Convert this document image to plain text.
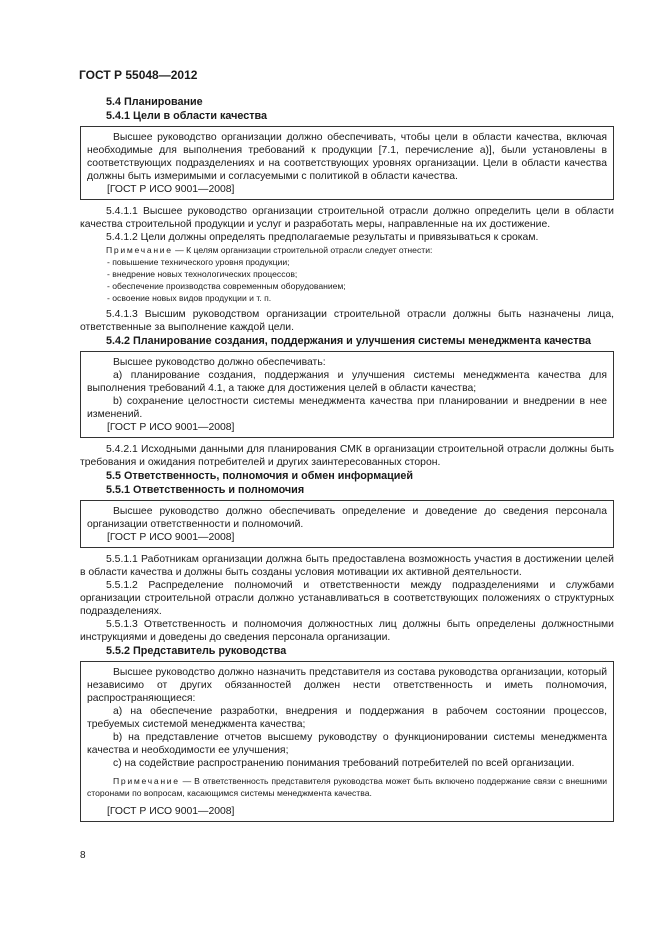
ГОСТ Р 55048—2012

5.4 Планирование

5.4.1 Цели в области качества

Высшее руководство организации должно обеспечивать, чтобы цели в области качества, включая необходимые для выполнения требований к продукции [7.1, перечисление а)], были установлены в соответствующих подразделениях и на соответствующих уровнях организации. Цели в области качества должны быть измеримыми и согласуемыми с политикой в области качества.

[ГОСТ Р ИСО 9001—2008]

5.4.1.1 Высшее руководство организации строительной отрасли должно определить цели в области качества строительной продукции и услуг и разработать меры, направленные на их достижение.

5.4.1.2 Цели должны определять предполагаемые результаты и привязываться к срокам.

Примечание — К целям организации строительной отрасли следует отнести:

- повышение технического уровня продукции;

- внедрение новых технологических процессов;

- обеспечение производства современным оборудованием;

- освоение новых видов продукции и т. п.

5.4.1.3 Высшим руководством организации строительной отрасли должны быть назначены лица, ответственные за выполнение каждой цели.

5.4.2 Планирование создания, поддержания и улучшения системы менеджмента качества

Высшее руководство должно обеспечивать:

a) планирование создания, поддержания и улучшения системы менеджмента качества для выполнения требований 4.1, а также для достижения целей в области качества;

b) сохранение целостности системы менеджмента качества при планировании и внедрении в нее изменений.

[ГОСТ Р ИСО 9001—2008]

5.4.2.1 Исходными данными для планирования СМК в организации строительной отрасли должны быть требования и ожидания потребителей и других заинтересованных сторон.

5.5 Ответственность, полномочия и обмен информацией

5.5.1 Ответственность и полномочия

Высшее руководство должно обеспечивать определение и доведение до сведения персонала организации ответственности и полномочий.

[ГОСТ Р ИСО 9001—2008]

5.5.1.1 Работникам организации должна быть предоставлена возможность участия в достижении целей в области качества и должны быть созданы условия мотивации их активной деятельности.

5.5.1.2 Распределение полномочий и ответственности между подразделениями и службами организации строительной отрасли должно устанавливаться в соответствующих положениях о структурных подразделениях.

5.5.1.3 Ответственность и полномочия должностных лиц должны быть определены должностными инструкциями и доведены до сведения персонала организации.

5.5.2 Представитель руководства

Высшее руководство должно назначить представителя из состава руководства организации, который независимо от других обязанностей должен нести ответственность и иметь полномочия, распространяющиеся:

a) на обеспечение разработки, внедрения и поддержания в рабочем состоянии процессов, требуемых системой менеджмента качества;

b) на представление отчетов высшему руководству о функционировании системы менеджмента качества и необходимости ее улучшения;

c) на содействие распространению понимания требований потребителей по всей организации.

Примечание — В ответственность представителя руководства может быть включено поддержание связи с внешними сторонами по вопросам, касающимся системы менеджмента качества.

[ГОСТ Р ИСО 9001—2008]

8
